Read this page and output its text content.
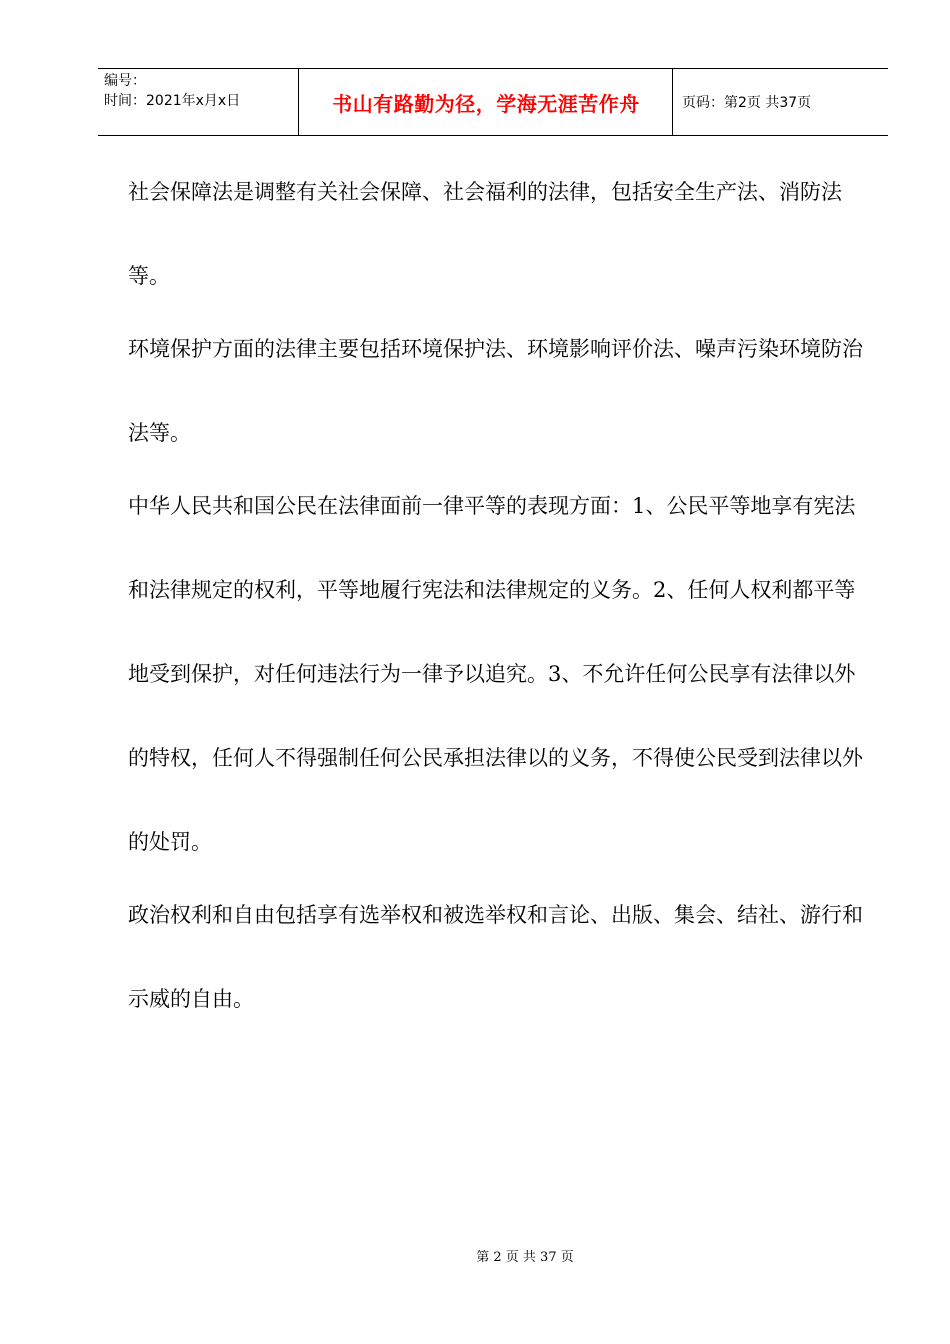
编号：
时间：2021年x月x日	书山有路勤为径，学海无涯苦作舟	页码：第2页 共37页

社会保障法是调整有关社会保障、社会福利的法律，包括安全生产法、消防法等。

环境保护方面的法律主要包括环境保护法、环境影响评价法、噪声污染环境防治法等。

中华人民共和国公民在法律面前一律平等的表现方面：1、公民平等地享有宪法和法律规定的权利，平等地履行宪法和法律规定的义务。2、任何人权利都平等地受到保护，对任何违法行为一律予以追究。3、不允许任何公民享有法律以外的特权，任何人不得强制任何公民承担法律以的义务，不得使公民受到法律以外的处罚。

政治权利和自由包括享有选举权和被选举权和言论、出版、集会、结社、游行和示威的自由。

第 2 页 共 37 页
